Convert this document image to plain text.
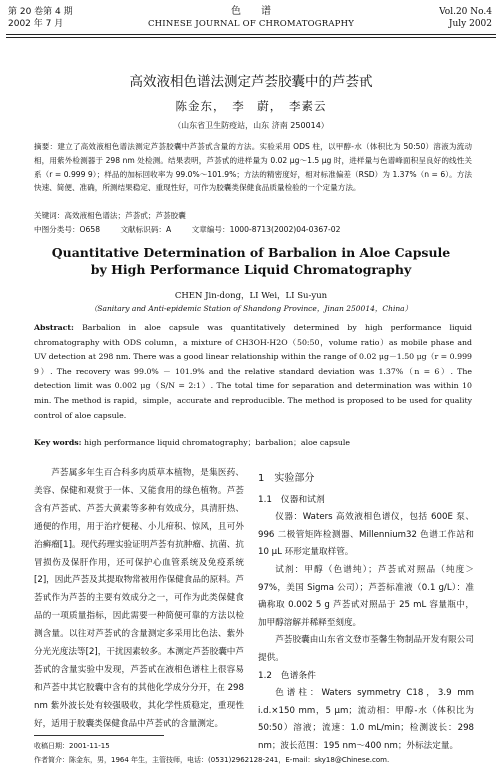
第 20 卷第 4 期
2002 年 7 月
色　　谱
CHINESE JOURNAL OF CHROMATOGRAPHY
Vol.20 No.4
July 2002
高效液相色谱法测定芦荟胶囊中的芦荟甙
陈金东，　李　蔚，　李素云
（山东省卫生防疫站，山东 济南 250014）
摘要：建立了高效液相色谱法测定芦荟胶囊中芦荟甙含量的方法。实验采用 ODS 柱，以甲醇-水（体积比为 50:50）溶液为流动相，用紫外检测器于 298 nm 处检测。结果表明，芦荟甙的进样量为 0.02 μg～1.5 μg 时，进样量与色谱峰面积呈良好的线性关系（r = 0.999 9）；样品的加标回收率为 99.0%～101.9%；方法的精密度好，相对标准偏差（RSD）为 1.37%（n = 6）。方法快速、简便、准确，所测结果稳定、重现性好，可作为胶囊类保健食品质量检验的一个定量方法。
关键词：高效液相色谱法；芦荟甙；芦荟胶囊
中图分类号：O658	文献标识码：A	文章编号：1000-8713(2002)04-0367-02
Quantitative Determination of Barbalion in Aloe Capsule
by High Performance Liquid Chromatography
CHEN Jin-dong，LI Wei，LI Su-yun
（Sanitary and Anti-epidemic Station of Shandong Province，Jinan 250014，China）
Abstract: Barbalion in aloe capsule was quantitatively determined by high performance liquid chromatography with ODS column，a mixture of CH3OH-H2O（50:50，volume ratio）as mobile phase and UV detection at 298 nm. There was a good linear relationship within the range of 0.02 μg－1.50 μg（r = 0.999 9）. The recovery was 99.0% － 101.9% and the relative standard deviation was 1.37%（n = 6）. The detection limit was 0.002 μg（S/N = 2:1）. The total time for separation and determination was within 10 min. The method is rapid，simple，accurate and reproducible. The method is proposed to be used for quality control of aloe capsule.
Key words: high performance liquid chromatography；barbalion；aloe capsule
芦荟属多年生百合科多肉质草本植物，是集医药、美容、保健和观赏于一体、又能食用的绿色植物。芦荟含有芦荟甙、芦荟大黄素等多种有效成分，具清肝热、通便的作用，用于治疗便秘、小儿疳积、惊风，且可外治癣瘤[1]。现代药理实验证明芦荟有抗肿瘤、抗菌、抗冒损伤及保肝作用，还可保护心血管系统及免疫系统[2]，因此芦荟及其提取物常被用作保健食品的原料。芦荟甙作为芦荟的主要有效成分之一，可作为此类保健食品的一项质量指标，因此需要一种简便可靠的方法以检测含量。以往对芦荟甙的含量测定多采用比色法、紫外分光光度法等[2]，干扰因素较多。本测定芦荟胶囊中芦荟甙的含量实验中发现，芦荟甙在液相色谱柱上很容易和芦荟中其它胶囊中含有的其他化学成分分开，在 298 nm 紫外波长处有较强吸收，其化学性质稳定，重现性好，适用于胶囊类保健食品中芦荟甙的含量测定。
1　实验部分
1.1　仪器和试剂
仪器：Waters 高效液相色谱仪，包括 600E 泵、996 二极管矩阵检测器、Millennium32 色谱工作站和 10 μL 环形定量取样管。
试剂：甲醇（色谱纯）；芦荟甙对照品（纯度＞97%，美国 Sigma 公司）；芦荟标准液（0.1 g/L）：准确称取 0.002 5 g 芦荟甙对照品于 25 mL 容量瓶中，加甲醇溶解并稀释至刻度。
芦荟胶囊由山东省文登市荃馨生物制品开发有限公司提供。
1.2　色谱条件
色谱柱：Waters symmetry C18，3.9 mm i.d.×150 mm，5 μm；流动相：甲醇-水（体积比为 50:50）溶液；流速：1.0 mL/min；检测波长：298 nm；波长范围：195 nm～400 nm；外标法定量。
收稿日期：2001-11-15
作者简介：陈金东，男，1964 年生，主管技师，电话：(0531)2962128-241，E-mail：sky18@Chinese.com.
